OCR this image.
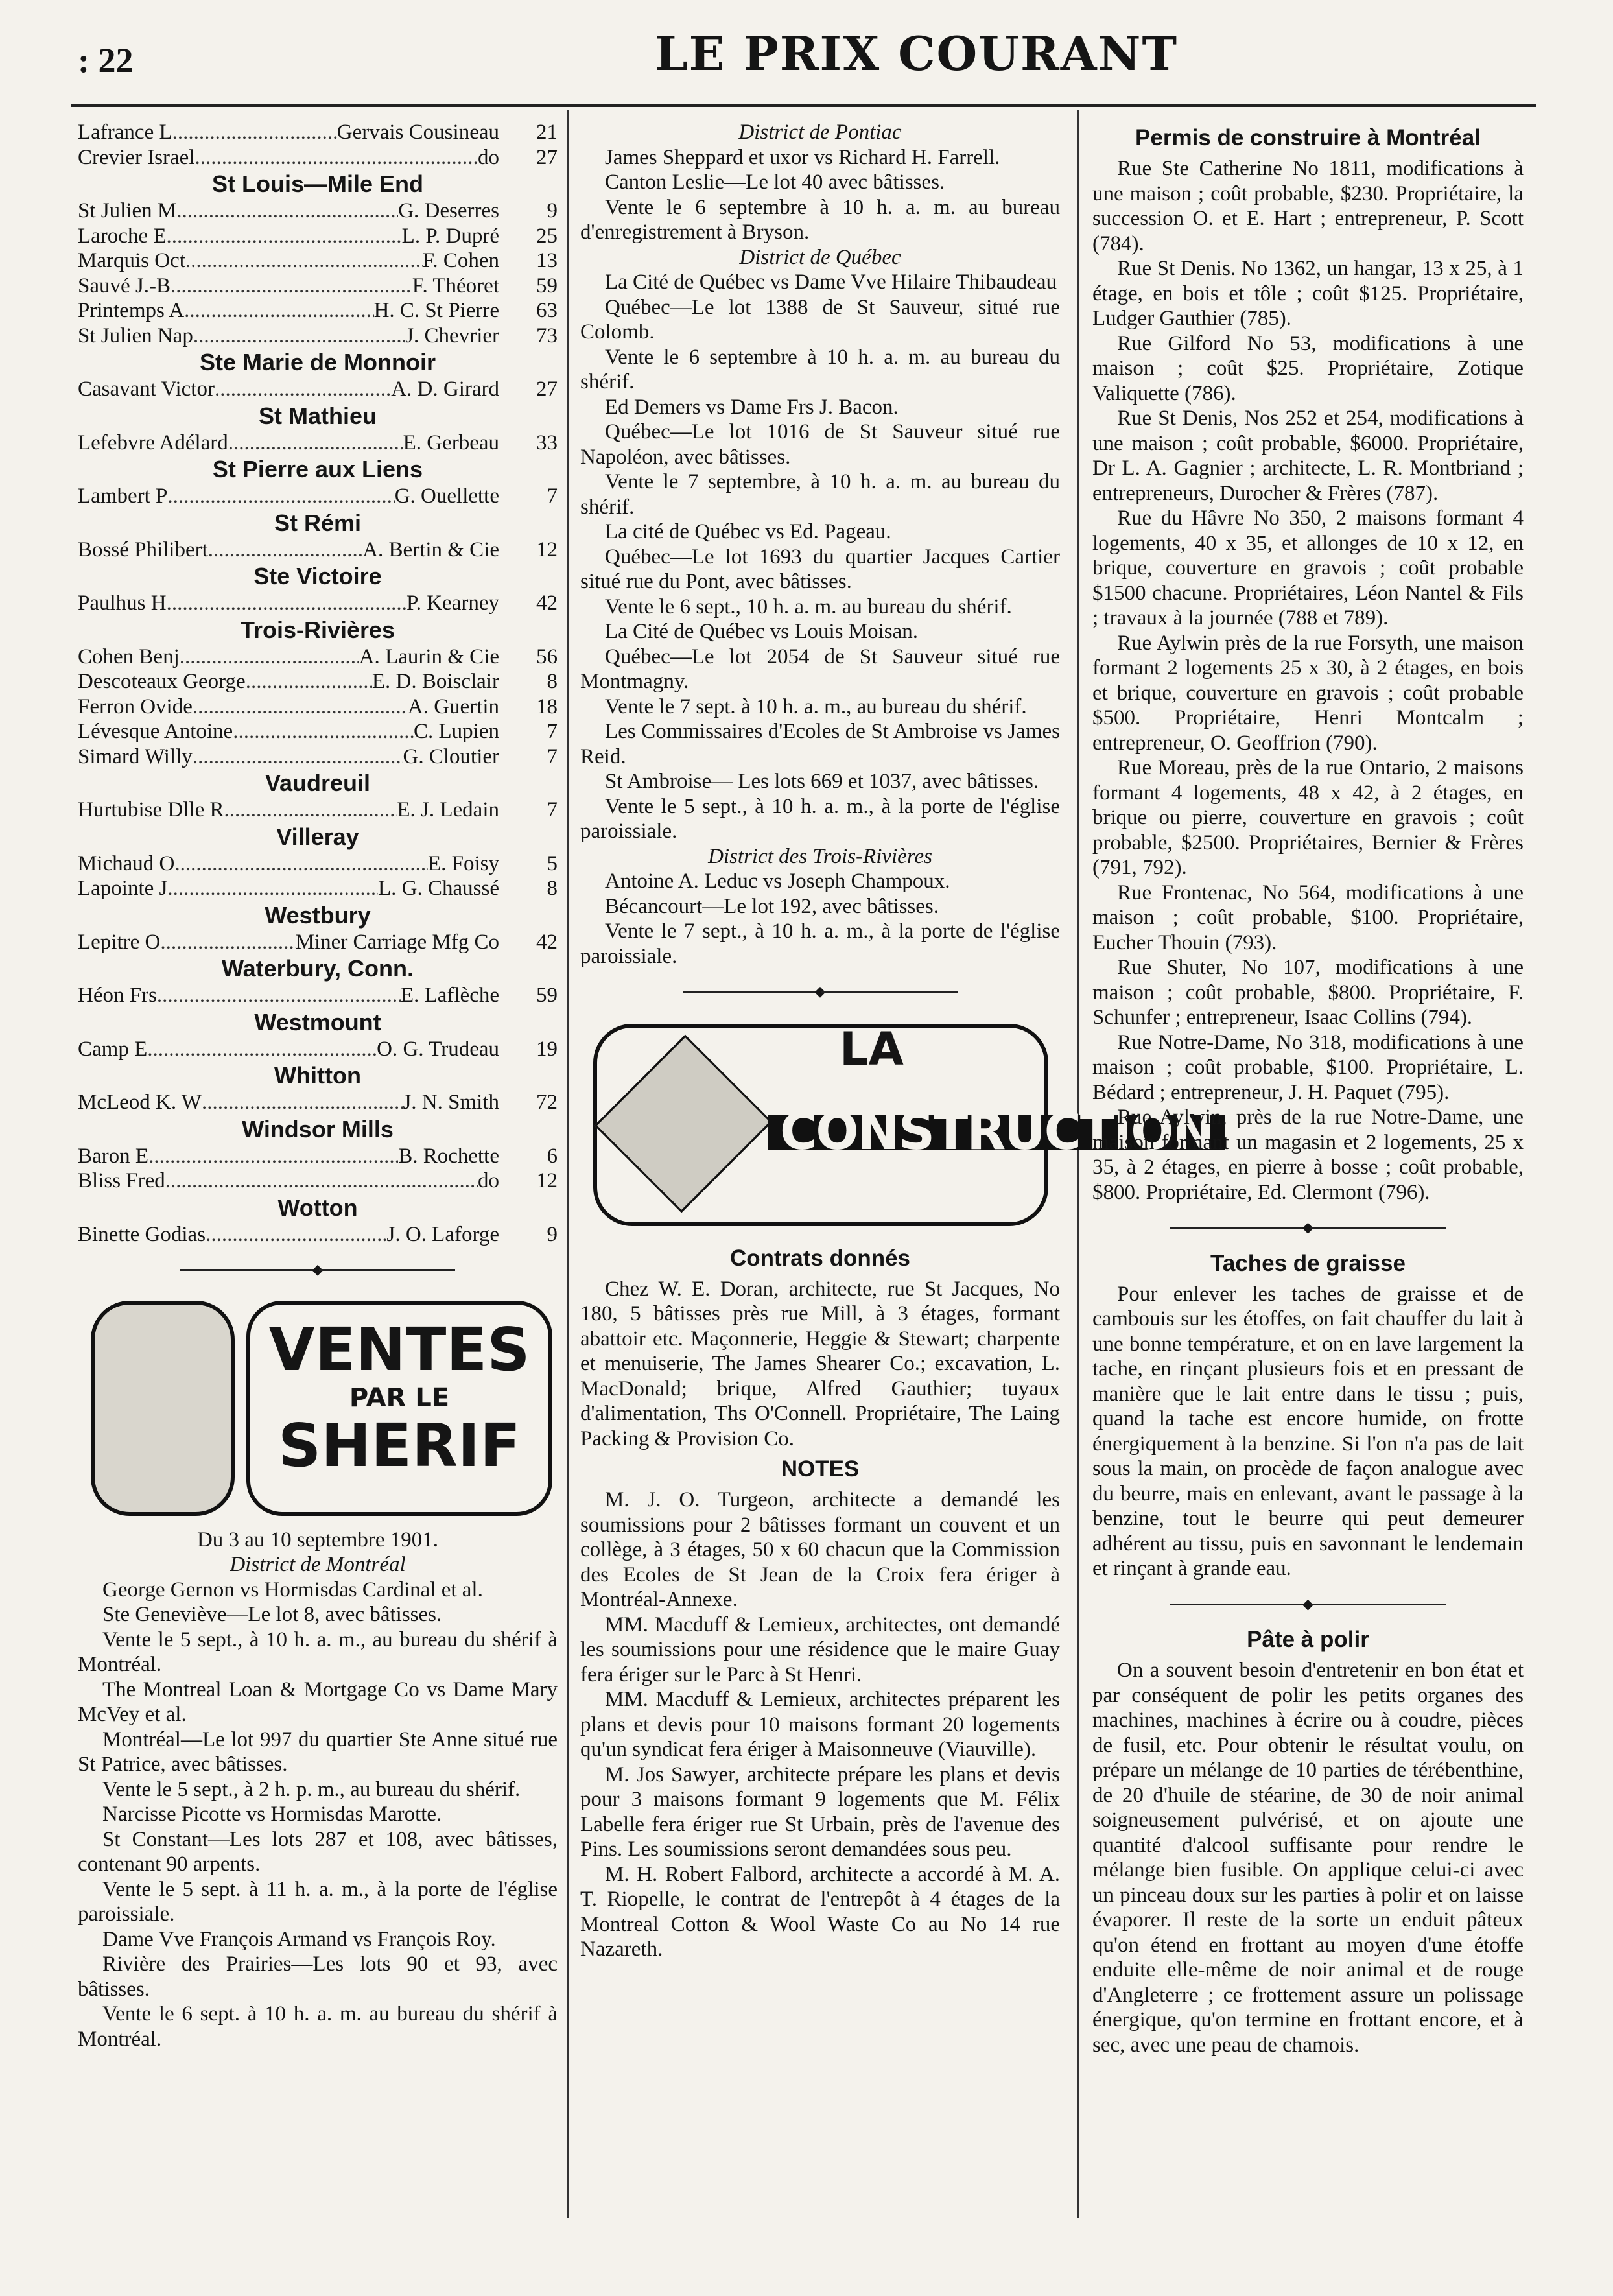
: 22	LE PRIX COURANT
Lafrance L .....	Gervais Cousineau	21
Crevier Israel .....	do	27
St Louis—Mile End
St Julien M .....	G. Deserres	9
Laroche E .....	L. P. Dupré	25
Marquis Oct .....	F. Cohen	13
Sauvé J.-B .....	F. Théoret	59
Printemps A .....	H. C. St Pierre	63
St Julien Nap .....	J. Chevrier	73
Ste Marie de Monnoir
Casavant Victor .....	A. D. Girard	27
St Mathieu
Lefebvre Adélard .....	E. Gerbeau	33
St Pierre aux Liens
Lambert P .....	G. Ouellette	7
St Rémi
Bossé Philibert .....	A. Bertin & Cie	12
Ste Victoire
Paulhus H .....	P. Kearney	42
Trois-Rivières
Cohen Benj .....	A. Laurin & Cie	56
Descoteaux George .....	E. D. Boisclair	8
Ferron Ovide .....	A. Guertin	18
Lévesque Antoine .....	C. Lupien	7
Simard Willy .....	G. Cloutier	7
Vaudreuil
Hurtubise Dlle R .....	E. J. Ledain	7
Villeray
Michaud O .....	E. Foisy	5
Lapointe J .....	L. G. Chaussé	8
Westbury
Lepitre O .....	Miner Carriage Mfg Co	42
Waterbury, Conn.
Héon Frs .....	E. Laflèche	59
Westmount
Camp E .....	O. G. Trudeau	19
Whitton
McLeod K. W .....	J. N. Smith	72
Windsor Mills
Baron E .....	B. Rochette	6
Bliss Fred .....	do	12
Wotton
Binette Godias .....	J. O. Laforge	9
◆
VENTES
PAR LE
SHERIF
Du 3 au 10 septembre 1901.
District de Montréal

George Gernon vs Hormisdas Cardinal et al.

Ste Geneviève—Le lot 8, avec bâtisses.

Vente le 5 sept., à 10 h. a. m., au bureau du shérif à Montréal.

The Montreal Loan & Mortgage Co vs Dame Mary McVey et al.

Montréal—Le lot 997 du quartier Ste Anne situé rue St Patrice, avec bâtisses.

Vente le 5 sept., à 2 h. p. m., au bureau du shérif.

Narcisse Picotte vs Hormisdas Marotte.

St Constant—Les lots 287 et 108, avec bâtisses, contenant 90 arpents.

Vente le 5 sept. à 11 h. a. m., à la porte de l'église paroissiale.

Dame Vve François Armand vs François Roy.

Rivière des Prairies—Les lots 90 et 93, avec bâtisses.

Vente le 6 sept. à 10 h. a. m. au bureau du shérif à Montréal.

District de Pontiac

James Sheppard et uxor vs Richard H. Farrell.

Canton Leslie—Le lot 40 avec bâtisses.

Vente le 6 septembre à 10 h. a. m. au bureau d'enregistrement à Bryson.

District de Québec

La Cité de Québec vs Dame Vve Hilaire Thibaudeau

Québec—Le lot 1388 de St Sauveur, situé rue Colomb.

Vente le 6 septembre à 10 h. a. m. au bureau du shérif.

Ed Demers vs Dame Frs J. Bacon.

Québec—Le lot 1016 de St Sauveur situé rue Napoléon, avec bâtisses.

Vente le 7 septembre, à 10 h. a. m. au bureau du shérif.

La cité de Québec vs Ed. Pageau.

Québec—Le lot 1693 du quartier Jacques Cartier situé rue du Pont, avec bâtisses.

Vente le 6 sept., 10 h. a. m. au bureau du shérif.

La Cité de Québec vs Louis Moisan.

Québec—Le lot 2054 de St Sauveur situé rue Montmagny.

Vente le 7 sept. à 10 h. a. m., au bureau du shérif.

Les Commissaires d'Ecoles de St Ambroise vs James Reid.

St Ambroise— Les lots 669 et 1037, avec bâtisses.

Vente le 5 sept., à 10 h. a. m., à la porte de l'église paroissiale.

District des Trois-Rivières

Antoine A. Leduc vs Joseph Champoux.

Bécancourt—Le lot 192, avec bâtisses.

Vente le 7 sept., à 10 h. a. m., à la porte de l'église paroissiale.

◆
LA
CONSTRUCTION
Contrats donnés

Chez W. E. Doran, architecte, rue St Jacques, No 180, 5 bâtisses près rue Mill, à 3 étages, formant abattoir etc. Maçonnerie, Heggie & Stewart; charpente et menuiserie, The James Shearer Co.; excavation, L. MacDonald; brique, Alfred Gauthier; tuyaux d'alimentation, Ths O'Connell. Propriétaire, The Laing Packing & Provision Co.

NOTES

M. J. O. Turgeon, architecte a demandé les soumissions pour 2 bâtisses formant un couvent et un collège, à 3 étages, 50 x 60 chacun que la Commission des Ecoles de St Jean de la Croix fera ériger à Montréal-Annexe.

MM. Macduff & Lemieux, architectes, ont demandé les soumissions pour une résidence que le maire Guay fera ériger sur le Parc à St Henri.

MM. Macduff & Lemieux, architectes préparent les plans et devis pour 10 maisons formant 20 logements qu'un syndicat fera ériger à Maisonneuve (Viauville).

M. Jos Sawyer, architecte prépare les plans et devis pour 3 maisons formant 9 logements que M. Félix Labelle fera ériger rue St Urbain, près de l'avenue des Pins. Les soumissions seront demandées sous peu.

M. H. Robert Falbord, architecte a accordé à M. A. T. Riopelle, le contrat de l'entrepôt à 4 étages de la Montreal Cotton & Wool Waste Co au No 14 rue Nazareth.

Permis de construire à Montréal

Rue Ste Catherine No 1811, modifications à une maison ; coût probable, $230. Propriétaire, la succession O. et E. Hart ; entrepreneur, P. Scott (784).

Rue St Denis. No 1362, un hangar, 13 x 25, à 1 étage, en bois et tôle ; coût $125. Propriétaire, Ludger Gauthier (785).

Rue Gilford No 53, modifications à une maison ; coût $25. Propriétaire, Zotique Valiquette (786).

Rue St Denis, Nos 252 et 254, modifications à une maison ; coût probable, $6000. Propriétaire, Dr L. A. Gagnier ; architecte, L. R. Montbriand ; entrepreneurs, Durocher & Frères (787).

Rue du Hâvre No 350, 2 maisons formant 4 logements, 40 x 35, et allonges de 10 x 12, en brique, couverture en gravois ; coût probable $1500 chacune. Propriétaires, Léon Nantel & Fils ; travaux à la journée (788 et 789).

Rue Aylwin près de la rue Forsyth, une maison formant 2 logements 25 x 30, à 2 étages, en bois et brique, couverture en gravois ; coût probable $500. Propriétaire, Henri Montcalm ; entrepreneur, O. Geoffrion (790).

Rue Moreau, près de la rue Ontario, 2 maisons formant 4 logements, 48 x 42, à 2 étages, en brique ou pierre, couverture en gravois ; coût probable, $2500. Propriétaires, Bernier & Frères (791, 792).

Rue Frontenac, No 564, modifications à une maison ; coût probable, $100. Propriétaire, Eucher Thouin (793).

Rue Shuter, No 107, modifications à une maison ; coût probable, $800. Propriétaire, F. Schunfer ; entrepreneur, Isaac Collins (794).

Rue Notre-Dame, No 318, modifications à une maison ; coût probable, $100. Propriétaire, L. Bédard ; entrepreneur, J. H. Paquet (795).

Rue Aylwin, près de la rue Notre-Dame, une maison formant un magasin et 2 logements, 25 x 35, à 2 étages, en pierre à bosse ; coût probable, $800. Propriétaire, Ed. Clermont (796).

◆
Taches de graisse

Pour enlever les taches de graisse et de cambouis sur les étoffes, on fait chauffer du lait à une bonne température, et on en lave largement la tache, en rinçant plusieurs fois et en pressant de manière que le lait entre dans le tissu ; puis, quand la tache est encore humide, on frotte énergiquement à la benzine. Si l'on n'a pas de lait sous la main, on procède de façon analogue avec du beurre, mais en enlevant, avant le passage à la benzine, tout le beurre qui peut demeurer adhérent au tissu, puis en savonnant le lendemain et rinçant à grande eau.

◆
Pâte à polir

On a souvent besoin d'entretenir en bon état et par conséquent de polir les petits organes des machines, machines à écrire ou à coudre, pièces de fusil, etc. Pour obtenir le résultat voulu, on prépare un mélange de 10 parties de térébenthine, de 20 d'huile de stéarine, de 30 de noir animal soigneusement pulvérisé, et on ajoute une quantité d'alcool suffisante pour rendre le mélange bien fusible. On applique celui-ci avec un pinceau doux sur les parties à polir et on laisse évaporer. Il reste de la sorte un enduit pâteux qu'on étend en frottant au moyen d'une étoffe enduite elle-même de noir animal et de rouge d'Angleterre ; ce frottement assure un polissage énergique, qu'on termine en frottant encore, et à sec, avec une peau de chamois.
